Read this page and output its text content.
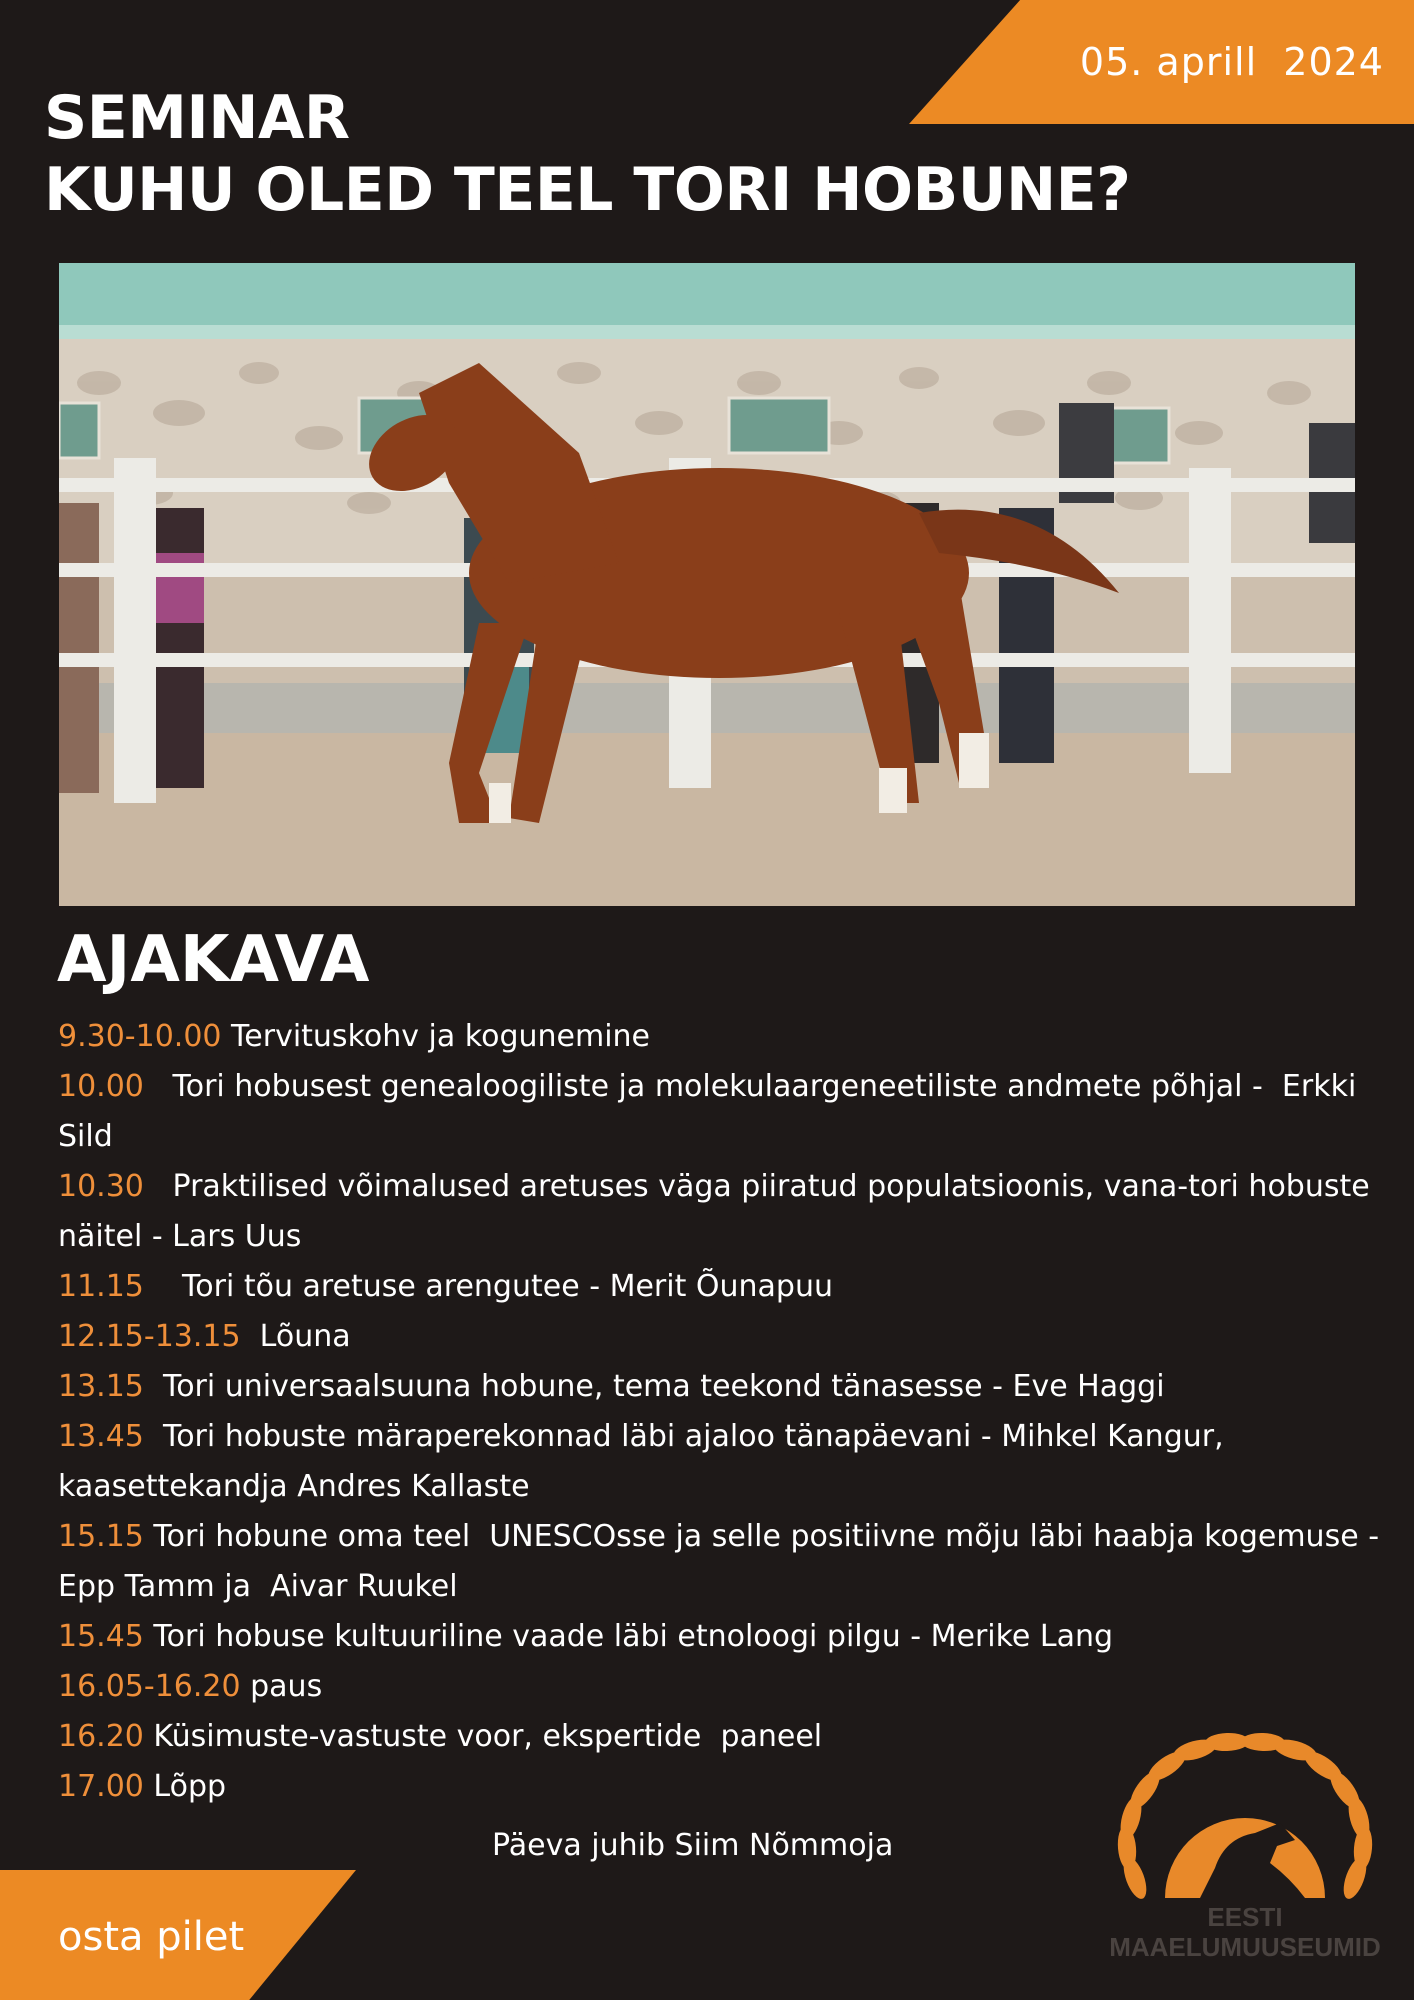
05. aprill  2024
SEMINAR
KUHU OLED TEEL TORI HOBUNE?
AJAKAVA
9.30-10.00 Tervituskohv ja kogunemine
10.00   Tori hobusest genealoogiliste ja molekulaargeneetiliste andmete põhjal -  Erkki Sild
10.30   Praktilised võimalused aretuses väga piiratud populatsioonis, vana-tori hobuste näitel - Lars Uus
11.15    Tori tõu aretuse arengutee - Merit Õunapuu
12.15-13.15  Lõuna
13.15  Tori universaalsuuna hobune, tema teekond tänasesse - Eve Haggi
13.45  Tori hobuste märaperekonnad läbi ajaloo tänapäevani - Mihkel Kangur, kaasettekandja Andres Kallaste
15.15 Tori hobune oma teel  UNESCOsse ja selle positiivne mõju läbi haabja kogemuse - Epp Tamm ja  Aivar Ruukel
15.45 Tori hobuse kultuuriline vaade läbi etnoloogi pilgu - Merike Lang
16.05-16.20 paus
16.20 Küsimuste-vastuste voor, ekspertide  paneel
17.00 Lõpp
Päeva juhib Siim Nõmmoja
osta pilet	EESTI
MAAELUMUUSEUMID
